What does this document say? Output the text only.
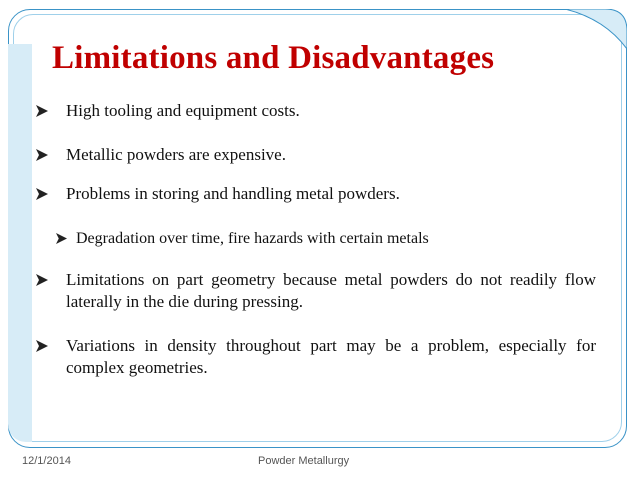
Limitations and Disadvantages
High tooling and equipment costs.
Metallic powders are expensive.
Problems in storing and handling metal powders.
Degradation over time, fire hazards with certain metals
Limitations on part geometry because metal powders do not readily flow laterally in the die during pressing.
Variations in density throughout part may be a problem, especially for complex geometries.
12/1/2014	Powder Metallurgy
